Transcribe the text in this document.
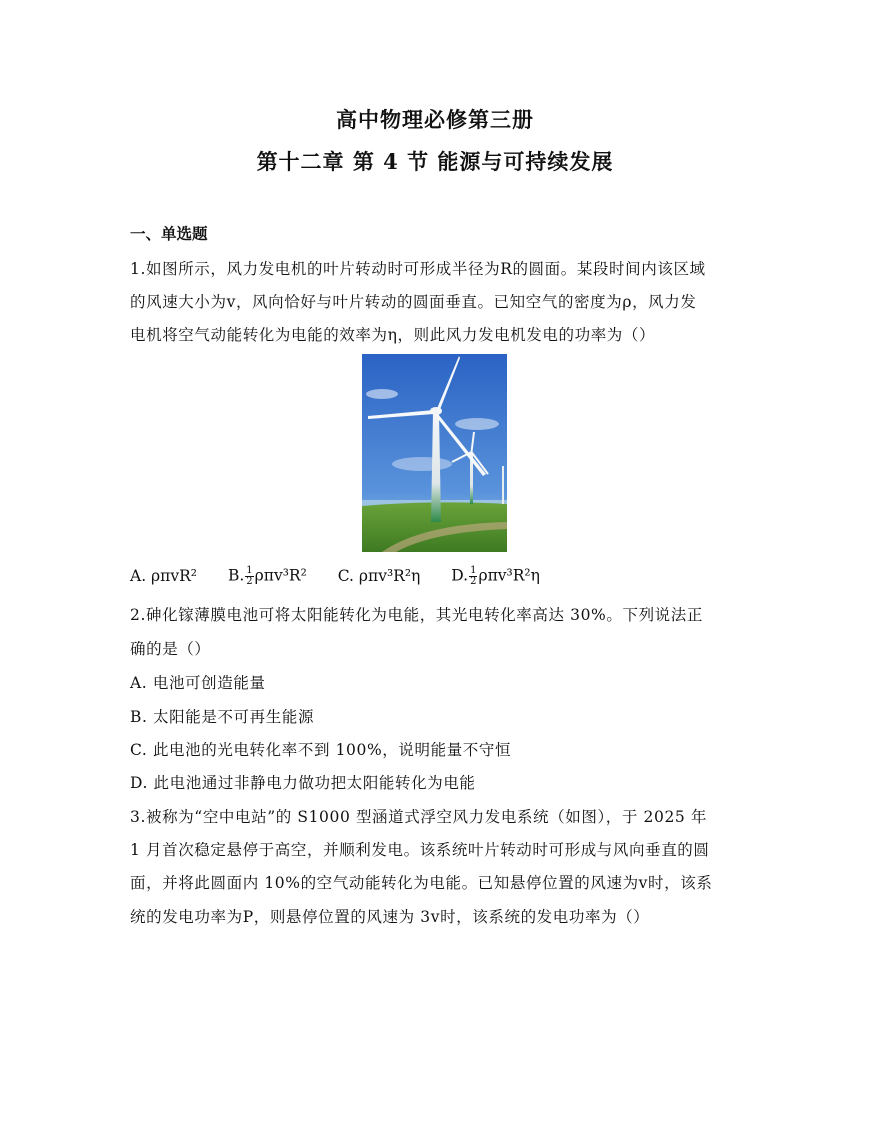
高中物理必修第三册
第十二章 第 4 节 能源与可持续发展
一、单选题
1.如图所示，风力发电机的叶片转动时可形成半径为R的圆面。某段时间内该区域
的风速大小为v，风向恰好与叶片转动的圆面垂直。已知空气的密度为ρ，风力发
电机将空气动能转化为电能的效率为η，则此风力发电机发电的功率为（）
A. ρπvR² B. $\frac{1}{2} \rho\pi v^3R^2$ C. ρπv³R²η D. $\frac{1}{2} \rho\pi v^3R^2\eta$
2.砷化镓薄膜电池可将太阳能转化为电能，其光电转化率高达 30%。下列说法正
确的是（）
A. 电池可创造能量
B. 太阳能是不可再生能源
C. 此电池的光电转化率不到 100%，说明能量不守恒
D. 此电池通过非静电力做功把太阳能转化为电能
3.被称为“空中电站”的 S1000 型涵道式浮空风力发电系统（如图），于 2025 年
1 月首次稳定悬停于高空，并顺利发电。该系统叶片转动时可形成与风向垂直的圆
面，并将此圆面内 10%的空气动能转化为电能。已知悬停位置的风速为v时，该系
统的发电功率为P，则悬停位置的风速为 3v时，该系统的发电功率为（）
